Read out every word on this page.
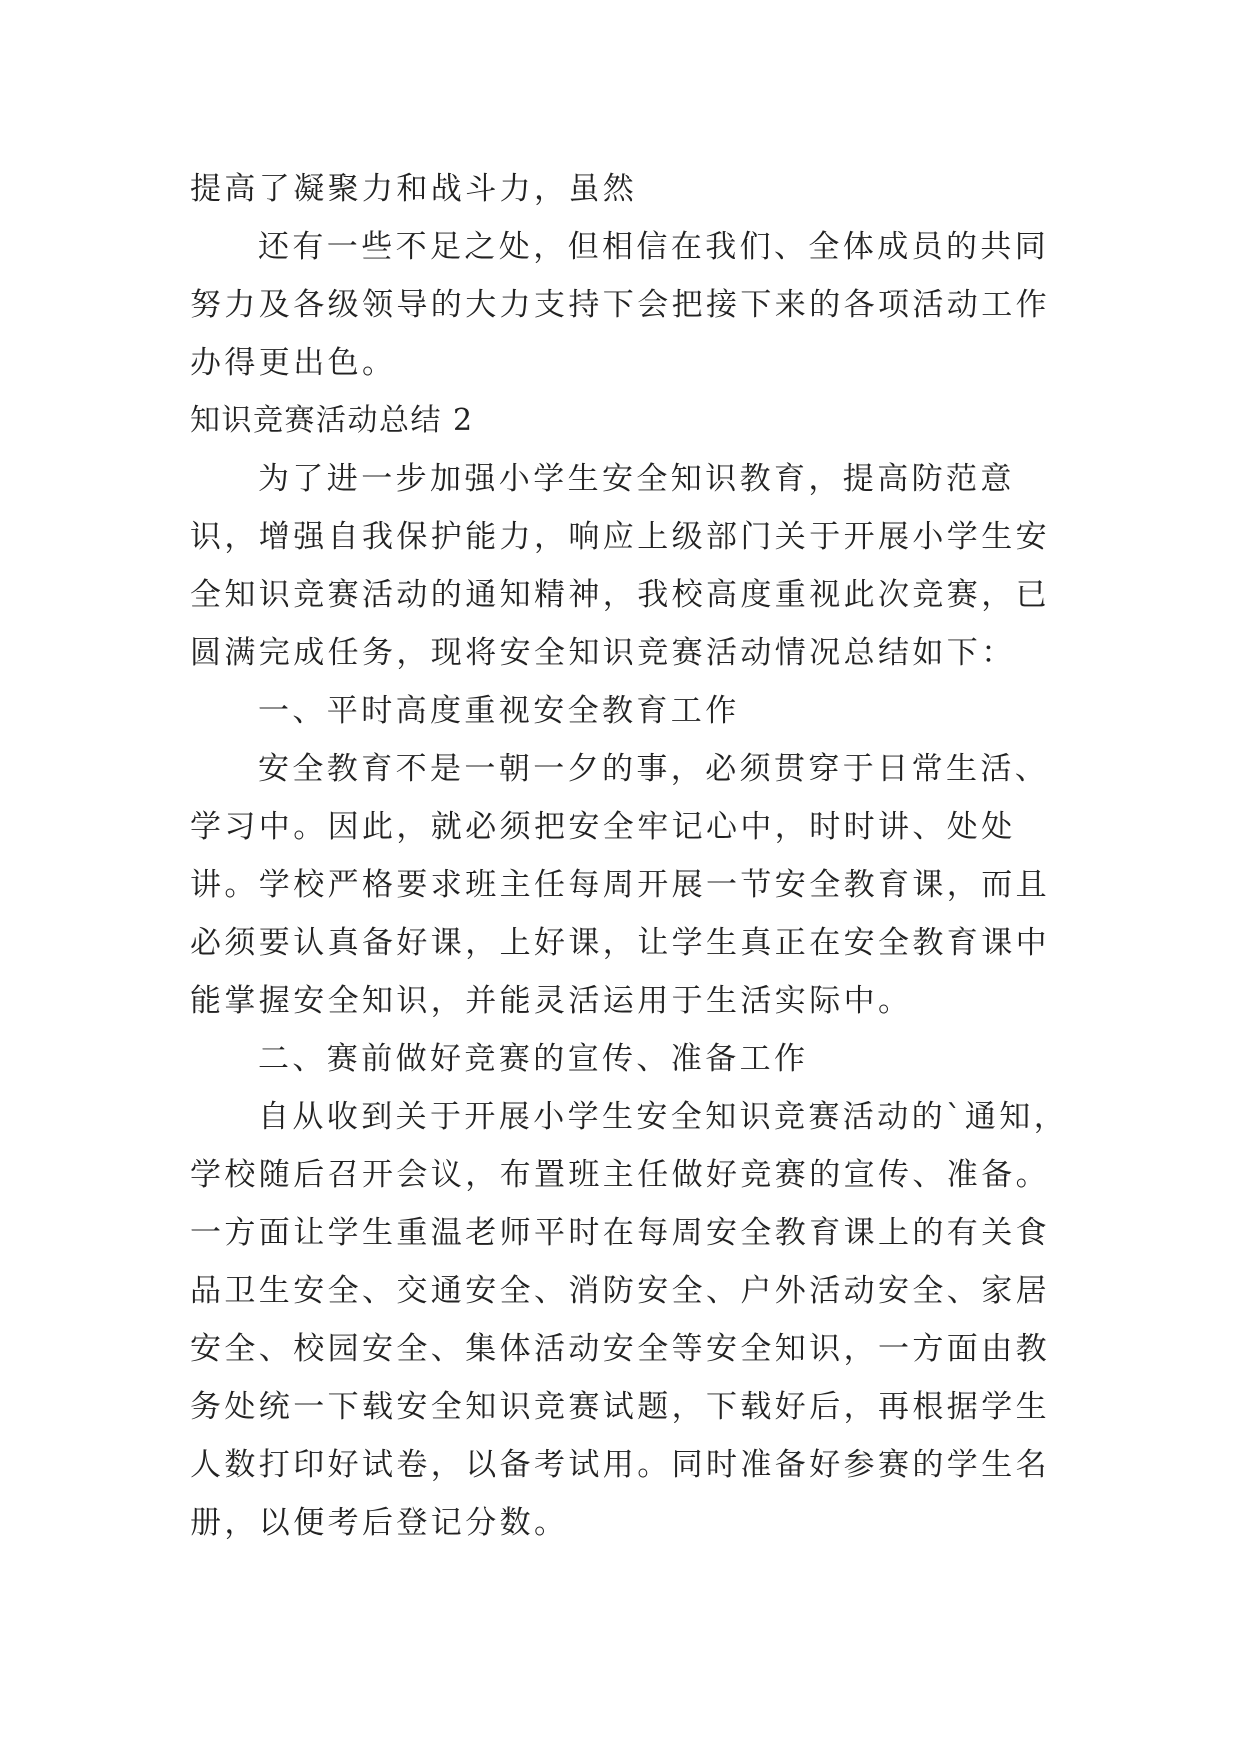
提高了凝聚力和战斗力，虽然

还有一些不足之处，但相信在我们、全体成员的共同努力及各级领导的大力支持下会把接下来的各项活动工作办得更出色。

知识竞赛活动总结 2

为了进一步加强小学生安全知识教育，提高防范意识，增强自我保护能力，响应上级部门关于开展小学生安全知识竞赛活动的通知精神，我校高度重视此次竞赛，已圆满完成任务，现将安全知识竞赛活动情况总结如下：

一、平时高度重视安全教育工作

安全教育不是一朝一夕的事，必须贯穿于日常生活、学习中。因此，就必须把安全牢记心中，时时讲、处处讲。学校严格要求班主任每周开展一节安全教育课，而且必须要认真备好课，上好课，让学生真正在安全教育课中能掌握安全知识，并能灵活运用于生活实际中。

二、赛前做好竞赛的宣传、准备工作

自从收到关于开展小学生安全知识竞赛活动的`通知，学校随后召开会议，布置班主任做好竞赛的宣传、准备。一方面让学生重温老师平时在每周安全教育课上的有关食品卫生安全、交通安全、消防安全、户外活动安全、家居安全、校园安全、集体活动安全等安全知识，一方面由教务处统一下载安全知识竞赛试题，下载好后，再根据学生人数打印好试卷，以备考试用。同时准备好参赛的学生名册，以便考后登记分数。
